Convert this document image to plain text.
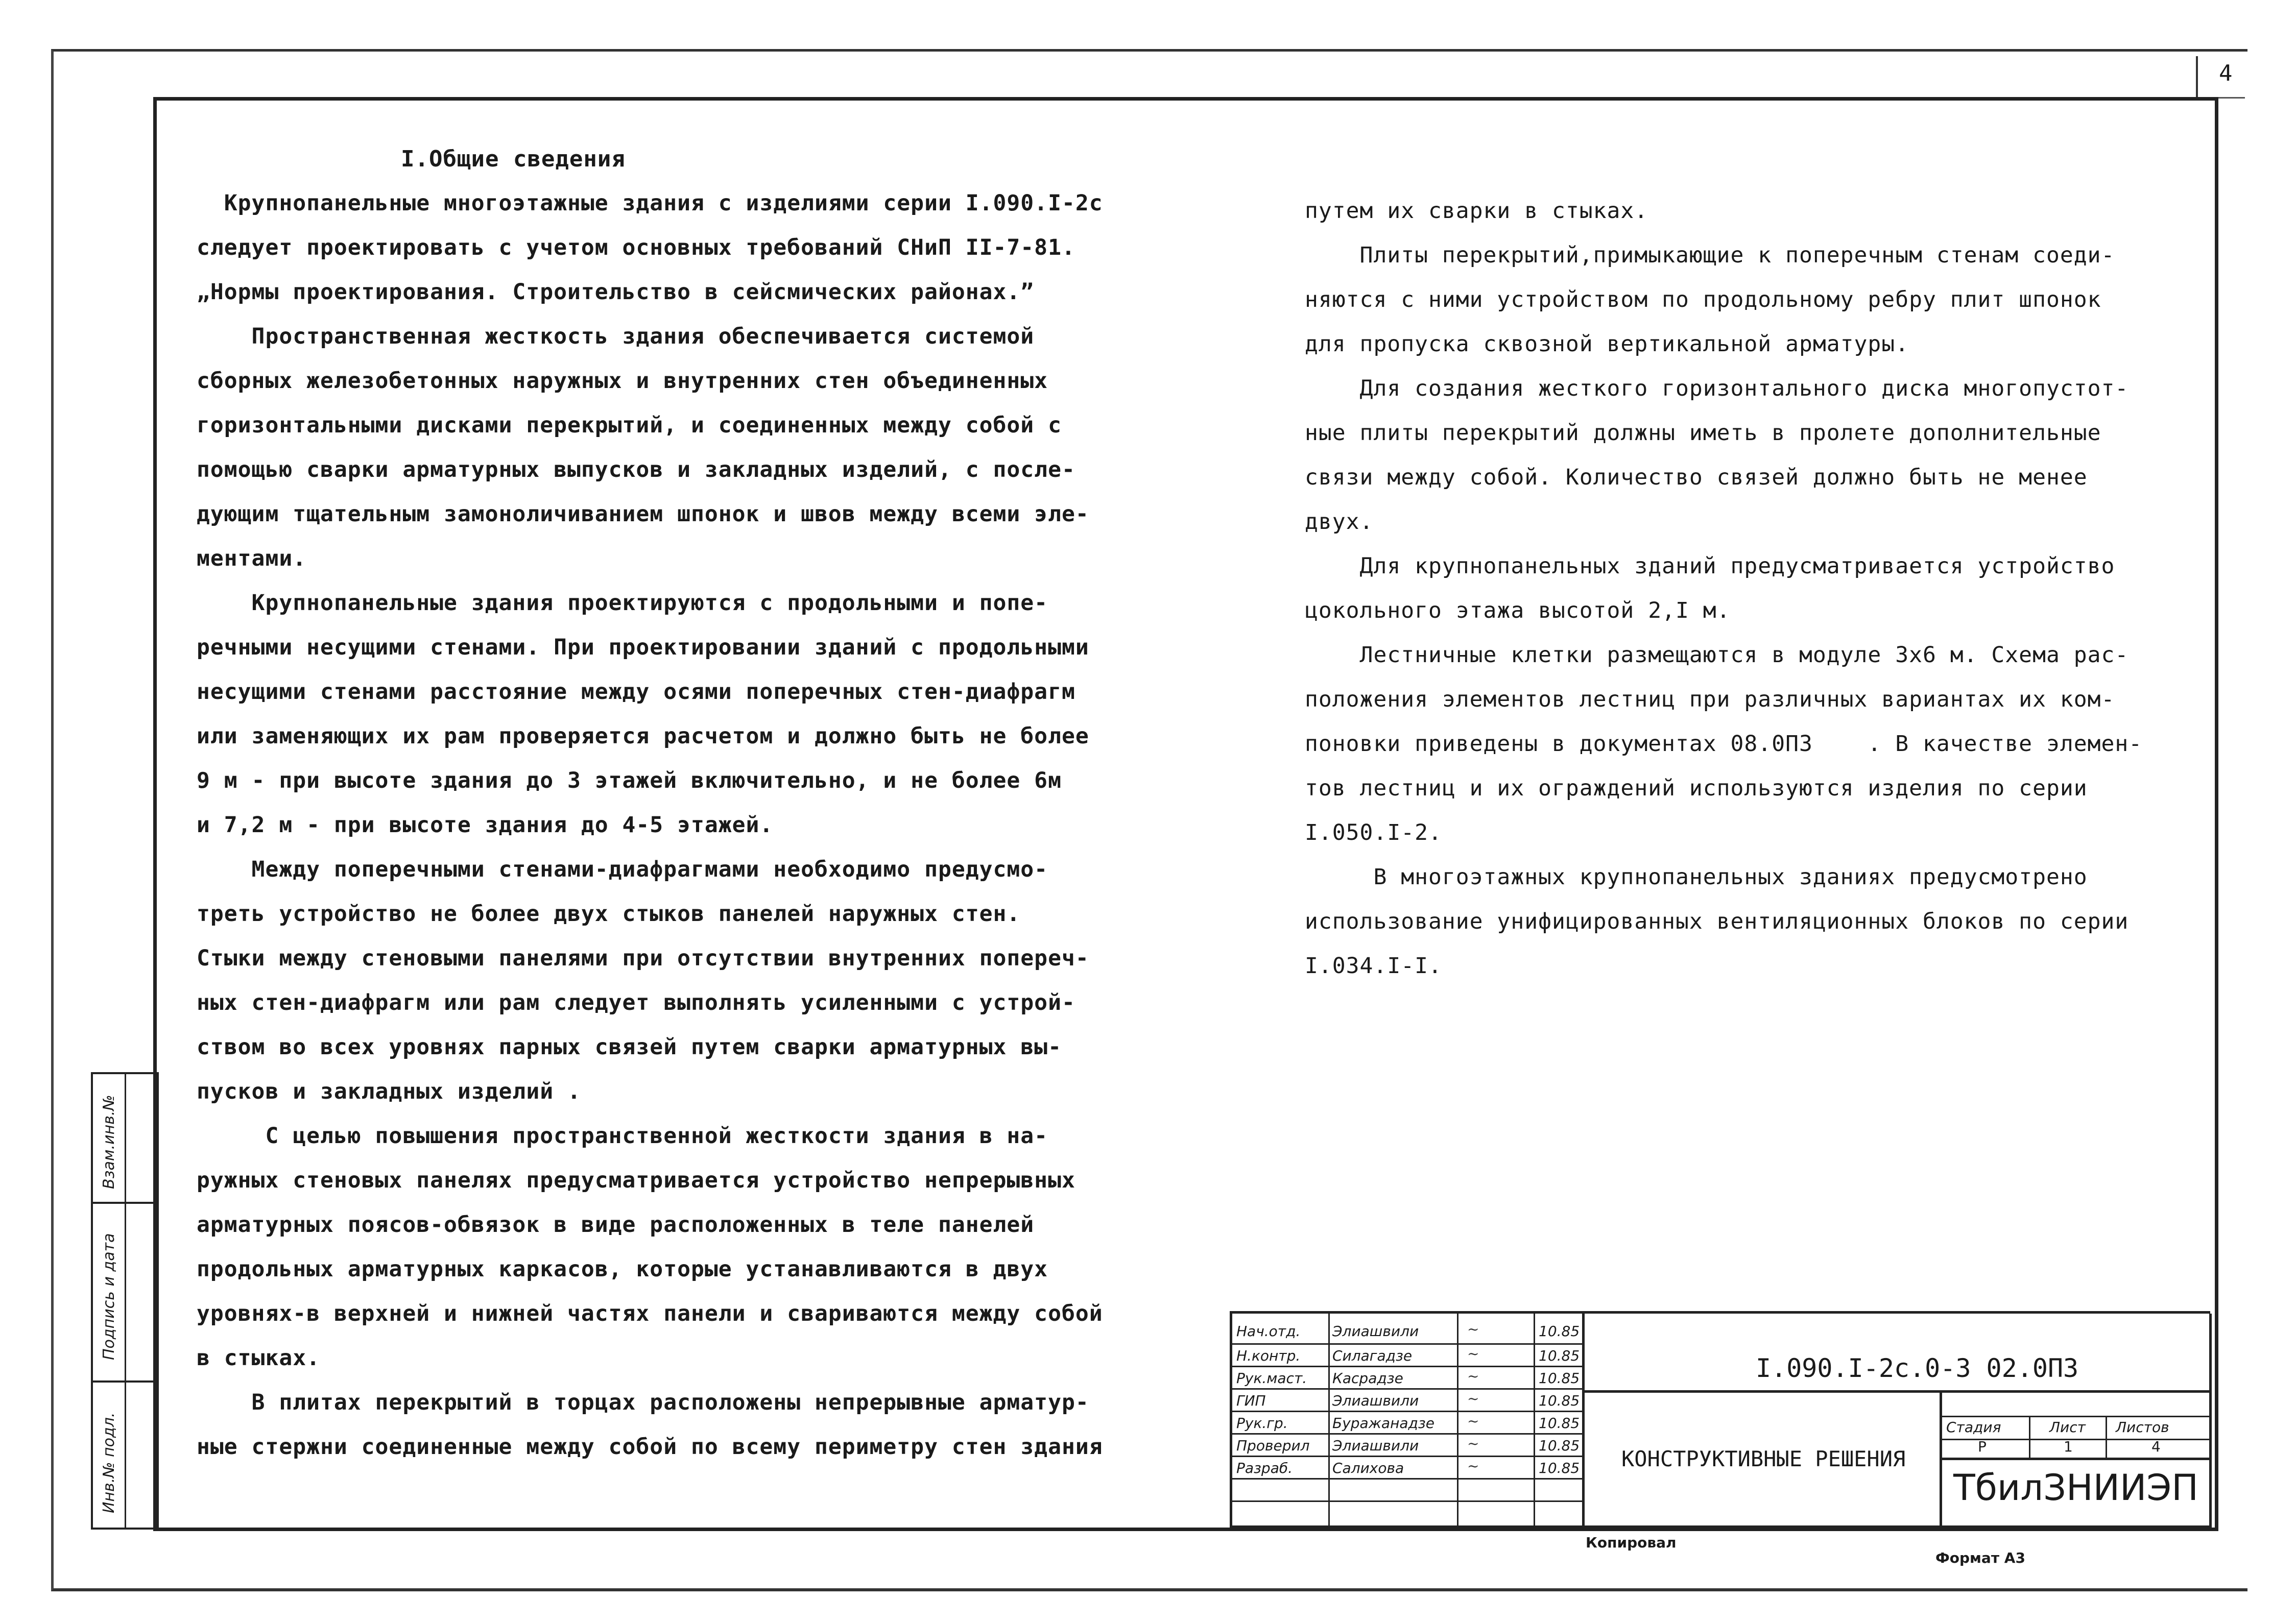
4

I.Общие сведения

Крупнопанельные многоэтажные здания с изделиями серии I.090.I-2с

следует проектировать с учетом основных требований СНиП II-7-81.

„Нормы проектирования. Строительство в сейсмических районах.”

Пространственная жесткость здания обеспечивается системой

сборных железобетонных наружных и внутренних стен объединенных

горизонтальными дисками перекрытий, и соединенных между собой с

помощью сварки арматурных выпусков и закладных изделий, с после-

дующим тщательным замоноличиванием шпонок и швов между всеми эле-

ментами.

Крупнопанельные здания проектируются с продольными и попе-

речными несущими стенами. При проектировании зданий с продольными

несущими стенами расстояние между осями поперечных стен-диафрагм

или заменяющих их рам проверяется расчетом и должно быть не более

9 м - при высоте здания до 3 этажей включительно, и не более 6м

и 7,2 м - при высоте здания до 4-5 этажей.

Между поперечными стенами-диафрагмами необходимо предусмо-

треть устройство не более двух стыков панелей наружных стен.

Стыки между стеновыми панелями при отсутствии внутренних попереч-

ных стен-диафрагм или рам следует выполнять усиленными с устрой-

ством во всех уровнях парных связей путем сварки арматурных вы-

пусков и закладных изделий .

С целью повышения пространственной жесткости здания в на-

ружных стеновых панелях предусматривается устройство непрерывных

арматурных поясов-обвязок в виде расположенных в теле панелей

продольных арматурных каркасов, которые устанавливаются в двух

уровнях-в верхней и нижней частях панели и свариваются между собой

в стыках.

В плитах перекрытий в торцах расположены непрерывные арматур-

ные стержни соединенные между собой по всему периметру стен здания

путем их сварки в стыках.

Плиты перекрытий,примыкающие к поперечным стенам соеди-

няются с ними устройством по продольному ребру плит шпонок

для пропуска сквозной вертикальной арматуры.

Для создания жесткого горизонтального диска многопустот-

ные плиты перекрытий должны иметь в пролете дополнительные

связи между собой. Количество связей должно быть не менее

двух.

Для крупнопанельных зданий предусматривается устройство

цокольного этажа высотой 2,I м.

Лестничные клетки размещаются в модуле 3х6 м. Схема рас-

положения элементов лестниц при различных вариантах их ком-

поновки приведены в документах 08.0ПЗ    . В качестве элемен-

тов лестниц и их ограждений используются изделия по серии

I.050.I-2.

В многоэтажных крупнопанельных зданиях предусмотрено

использование унифицированных вентиляционных блоков по серии

I.034.I-I.

Инв.№ подл.
Подпись и дата
Взам.инв.№
Нач.отд. Элиашвили	~	10.85
Н.контр. Силагадзе	~	10.85
Рук.маст. Касрадзе	~	10.85
ГИП	Элиашвили	~	10.85
Рук.гр.	Буражанадзе ~	10.85
Проверил Элиашвили	~	10.85
Разраб.	Салихова	~	10.85
I.090.I-2с.0-3 02.0ПЗ
КОНСТРУКТИВНЫЕ РЕШЕНИЯ
Стадия	Лист Листов
Р	1	4
ТбилЗНИИЭП
Копировал
Формат А3
